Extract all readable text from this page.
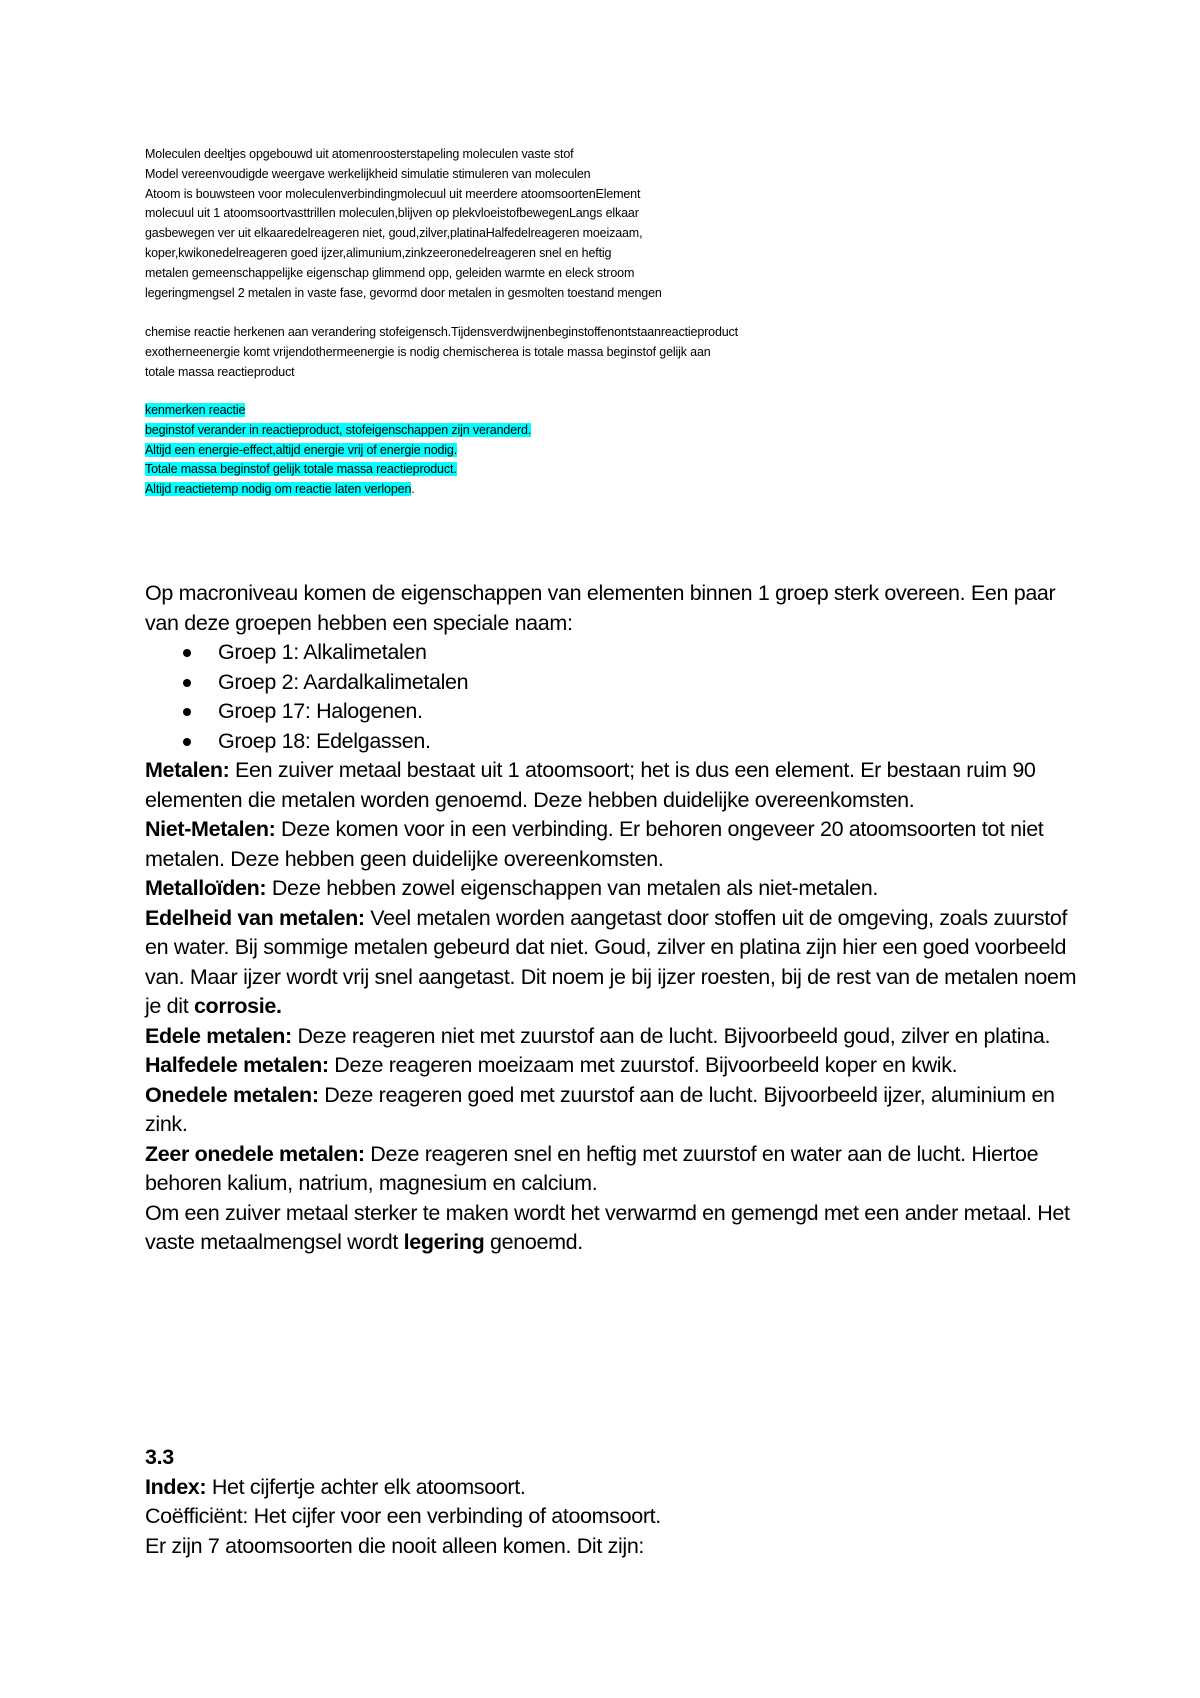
Moleculen deeltjes opgebouwd uit atomenroosterstapeling moleculen vaste stof
Model vereenvoudigde weergave werkelijkheid simulatie stimuleren van moleculen
Atoom is bouwsteen voor moleculenverbindingmolecuul uit meerdere atoomsoortenElement
molecuul uit 1 atoomsoortvasttrillen moleculen,blijven op plekvloeistofbewegenLangs elkaar
gasbewegen ver uit elkaaredelreageren niet, goud,zilver,platinaHalfedelreageren moeizaam,
koper,kwikonedelreageren goed ijzer,alimunium,zinkzeeronedelreageren snel en heftig
metalen gemeenschappelijke eigenschap glimmend opp, geleiden warmte en eleck stroom
legeringmengsel 2 metalen in vaste fase, gevormd door metalen in gesmolten toestand mengen
chemise reactie herkenen aan verandering stofeigensch.Tijdensverdwijnenbeginstoffenontstaanreactieproduct
exotherneenergie komt vrijendothermeenergie is nodig chemischerea is totale massa beginstof gelijk aan
totale massa reactieproduct
kenmerken reactie
beginstof verander in reactieproduct, stofeigenschappen zijn veranderd.
Altijd een energie-effect,altijd energie vrij of energie nodig.
Totale massa beginstof gelijk totale massa reactieproduct.
Altijd reactietemp nodig om reactie laten verlopen.

Op macroniveau komen de eigenschappen van elementen binnen 1 groep sterk overeen. Een paar van deze groepen hebben een speciale naam:

Groep 1: Alkalimetalen
Groep 2: Aardalkalimetalen
Groep 17: Halogenen.
Groep 18: Edelgassen.

Metalen: Een zuiver metaal bestaat uit 1 atoomsoort; het is dus een element. Er bestaan ruim 90 elementen die metalen worden genoemd. Deze hebben duidelijke overeenkomsten.

Niet-Metalen: Deze komen voor in een verbinding. Er behoren ongeveer 20 atoomsoorten tot niet metalen. Deze hebben geen duidelijke overeenkomsten.

Metalloïden: Deze hebben zowel eigenschappen van metalen als niet-metalen.

Edelheid van metalen: Veel metalen worden aangetast door stoffen uit de omgeving, zoals zuurstof en water. Bij sommige metalen gebeurd dat niet. Goud, zilver en platina zijn hier een goed voorbeeld van. Maar ijzer wordt vrij snel aangetast. Dit noem je bij ijzer roesten, bij de rest van de metalen noem je dit corrosie.

Edele metalen: Deze reageren niet met zuurstof aan de lucht. Bijvoorbeeld goud, zilver en platina.

Halfedele metalen: Deze reageren moeizaam met zuurstof. Bijvoorbeeld koper en kwik.

Onedele metalen: Deze reageren goed met zuurstof aan de lucht. Bijvoorbeeld ijzer, aluminium en zink.

Zeer onedele metalen: Deze reageren snel en heftig met zuurstof en water aan de lucht. Hiertoe behoren kalium, natrium, magnesium en calcium.

Om een zuiver metaal sterker te maken wordt het verwarmd en gemengd met een ander metaal. Het vaste metaalmengsel wordt legering genoemd.

3.3

Index: Het cijfertje achter elk atoomsoort.

Coëfficiënt: Het cijfer voor een verbinding of atoomsoort.

Er zijn 7 atoomsoorten die nooit alleen komen. Dit zijn:
